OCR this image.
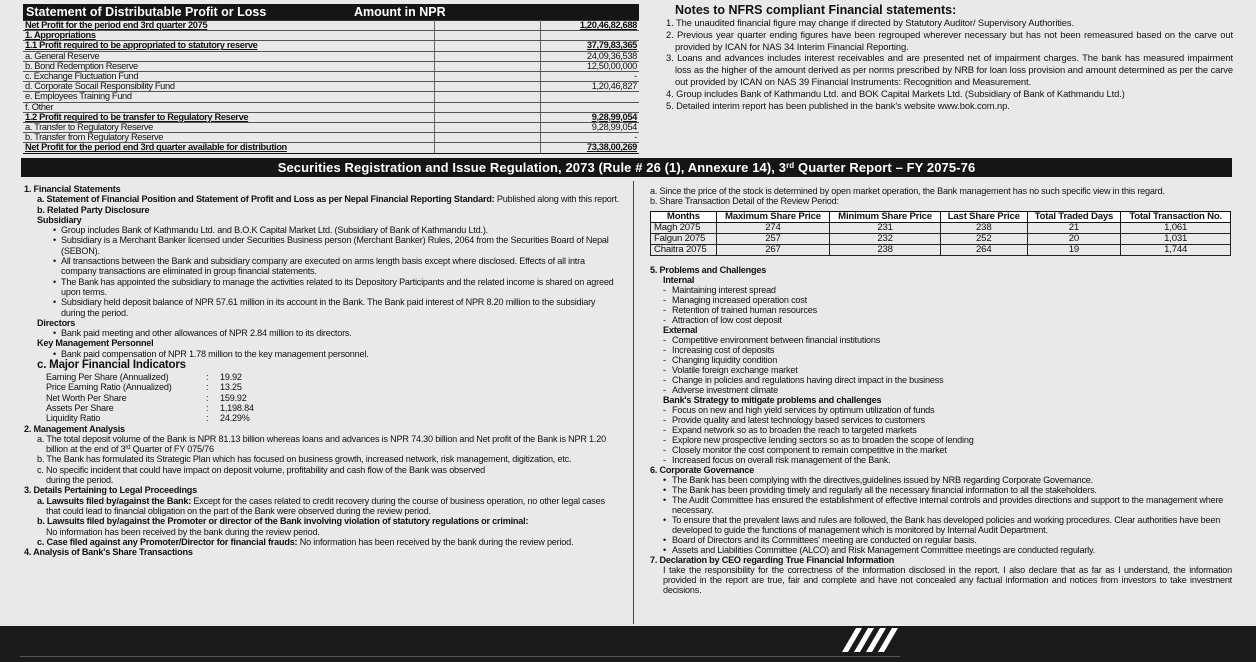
Statement of Distributable Profit or Loss	Amount in NPR
Net Profit for the period end 3rd quarter 2075		1,20,46,82,688
1. Appropriations		
1.1 Profit required to be appropriated to statutory reserve		37,79,83,365
a. General Reserve		24,09,36,538
b. Bond Redemption Reserve		12,50,00,000
c. Exchange Fluctuation Fund		-
d. Corporate Socail Responsibility Fund		1,20,46,827
e. Employees Training Fund		
f. Other		
1.2 Profit required to be transfer to Regulatory Reserve		9,28,99,054
a. Transfer to Regulatory Reserve		9,28,99,054
b. Transfer from Regulatory Reserve		-
Net Profit for the period end 3rd quarter available for distribution		73,38,00,269
Notes to NFRS compliant Financial statements:
1. The unaudited financial figure may change if directed by Statutory Auditor/ Supervisory Authorities.
2. Previous year quarter ending figures have been regrouped wherever necessary but has not been remeasured based on the carve out provided by ICAN for NAS 34 Interim Financial Reporting.
3. Loans and advances includes interest receivables and are presented net of impairment charges. The bank has measured impairment loss as the higher of the amount derived as per norms prescribed by NRB for loan loss provision and amount determined as per the carve out provided by ICAN on NAS 39 Financial Instruments: Recognition and Measurement.
4. Group includes Bank of Kathmandu Ltd. and BOK Capital Markets Ltd. (Subsidiary of Bank of Kathmandu Ltd.)
5. Detailed interim report has been published in the bank's website www.bok.com.np.
Securities Registration and Issue Regulation, 2073 (Rule # 26 (1), Annexure 14), 3rd Quarter Report – FY 2075-76
1. Financial Statements
a. Statement of Financial Position and Statement of Profit and Loss as per Nepal Financial Reporting Standard: Published along with this report.
b. Related Party Disclosure
Subsidiary
• Group includes Bank of Kathmandu Ltd. and B.O.K Capital Market Ltd. (Subsidiary of Bank of Kathmandu Ltd.).
• Subsidiary is a Merchant Banker licensed under Securities Business person (Merchant Banker) Rules, 2064 from the Securities Board of Nepal (SEBON).
• All transactions between the Bank and subsidiary company are executed on arms length basis except where disclosed. Effects of all intra company transactions are eliminated in group financial statements.
• The Bank has appointed the subsidiary to manage the activities related to its Depository Participants and the related income is shared on agreed upon terms.
• Subsidiary held deposit balance of NPR 57.61 million in its account in the Bank. The Bank paid interest of NPR 8.20 million to the subsidiary during the period.
Directors
• Bank paid meeting and other allowances of NPR 2.84 million to its directors.
Key Management Personnel
• Bank paid compensation of NPR 1.78 million to the key management personnel.
c. Major Financial Indicators
Earning Per Share (Annualized)	:	19.92
Price Earning Ratio (Annualized)	:	13.25
Net Worth Per Share	:	159.92
Assets Per Share	:	1,198.84
Liquidity Ratio	:	24.29%
2. Management Analysis
a. The total deposit volume of the Bank is NPR 81.13 billion whereas loans and advances is NPR 74.30 billion and Net profit of the Bank is NPR 1.20 billion at the end of 3rd Quarter of FY 075/76
b. The Bank has formulated its Strategic Plan which has focused on business growth, increased network, risk management, digitization, etc.
c. No specific incident that could have impact on deposit volume, profitability and cash flow of the Bank was observed
during the period.
3. Details Pertaining to Legal Proceedings
a. Lawsuits filed by/against the Bank: Except for the cases related to credit recovery during the course of business operation, no other legal cases that could lead to financial obligation on the part of the Bank were observed during the review period.
b. Lawsuits filed by/against the Promoter or director of the Bank involving violation of statutory regulations or criminal:
No information has been received by the bank during the review period.
c. Case filed against any Promoter/Director for financial frauds: No information has been received by the bank during the review period.
4. Analysis of Bank's Share Transactions
a. Since the price of the stock is determined by open market operation, the Bank management has no such specific view in this regard.
b. Share Transaction Detail of the Review Period:
Months	Maximum Share Price	Minimum Share Price	Last Share Price	Total Traded Days	Total Transaction No.
Magh 2075	274	231	238	21	1,061
Falgun 2075	257	232	252	20	1,031
Chaitra 2075	267	238	264	19	1,744
5. Problems and Challenges
Internal
- Maintaining interest spread
- Managing increased operation cost
- Retention of trained human resources
- Attraction of low cost deposit
External
- Competitive environment between financial institutions
- Increasing cost of deposits
- Changing liquidity condition
- Volatile foreign exchange market
- Change in policies and regulations having direct impact in the business
- Adverse investment climate
Bank's Strategy to mitigate problems and challenges
- Focus on new and high yield services by optimum utilization of funds
- Provide quality and latest technology based services to customers
- Expand network so as to broaden the reach to targeted markets
- Explore new prospective lending sectors so as to broaden the scope of lending
- Closely monitor the cost component to remain competitive in the market
- Increased focus on overall risk management of the Bank.
6. Corporate Governance
• The Bank has been complying with the directives,guidelines issued by NRB regarding Corporate Governance.
• The Bank has been providing timely and regularly all the necessary financial information to all the stakeholders.
• The Audit Committee has ensured the establishment of effective internal controls and provides directions and support to the management where necessary.
• To ensure that the prevalent laws and rules are followed, the Bank has developed policies and working procedures. Clear authorities have been developed to guide the functions of management which is monitored by Internal Audit Department.
• Board of Directors and its Committees' meeting are conducted on regular basis.
• Assets and Liabilities Committee (ALCO) and Risk Management Committee meetings are conducted regularly.
7. Declaration by CEO regarding True Financial Information
I take the responsibility for the correctness of the information disclosed in the report. I also declare that as far as I understand, the information provided in the report are true, fair and complete and have not concealed any factual information and notices from investors to take investment decisions.
